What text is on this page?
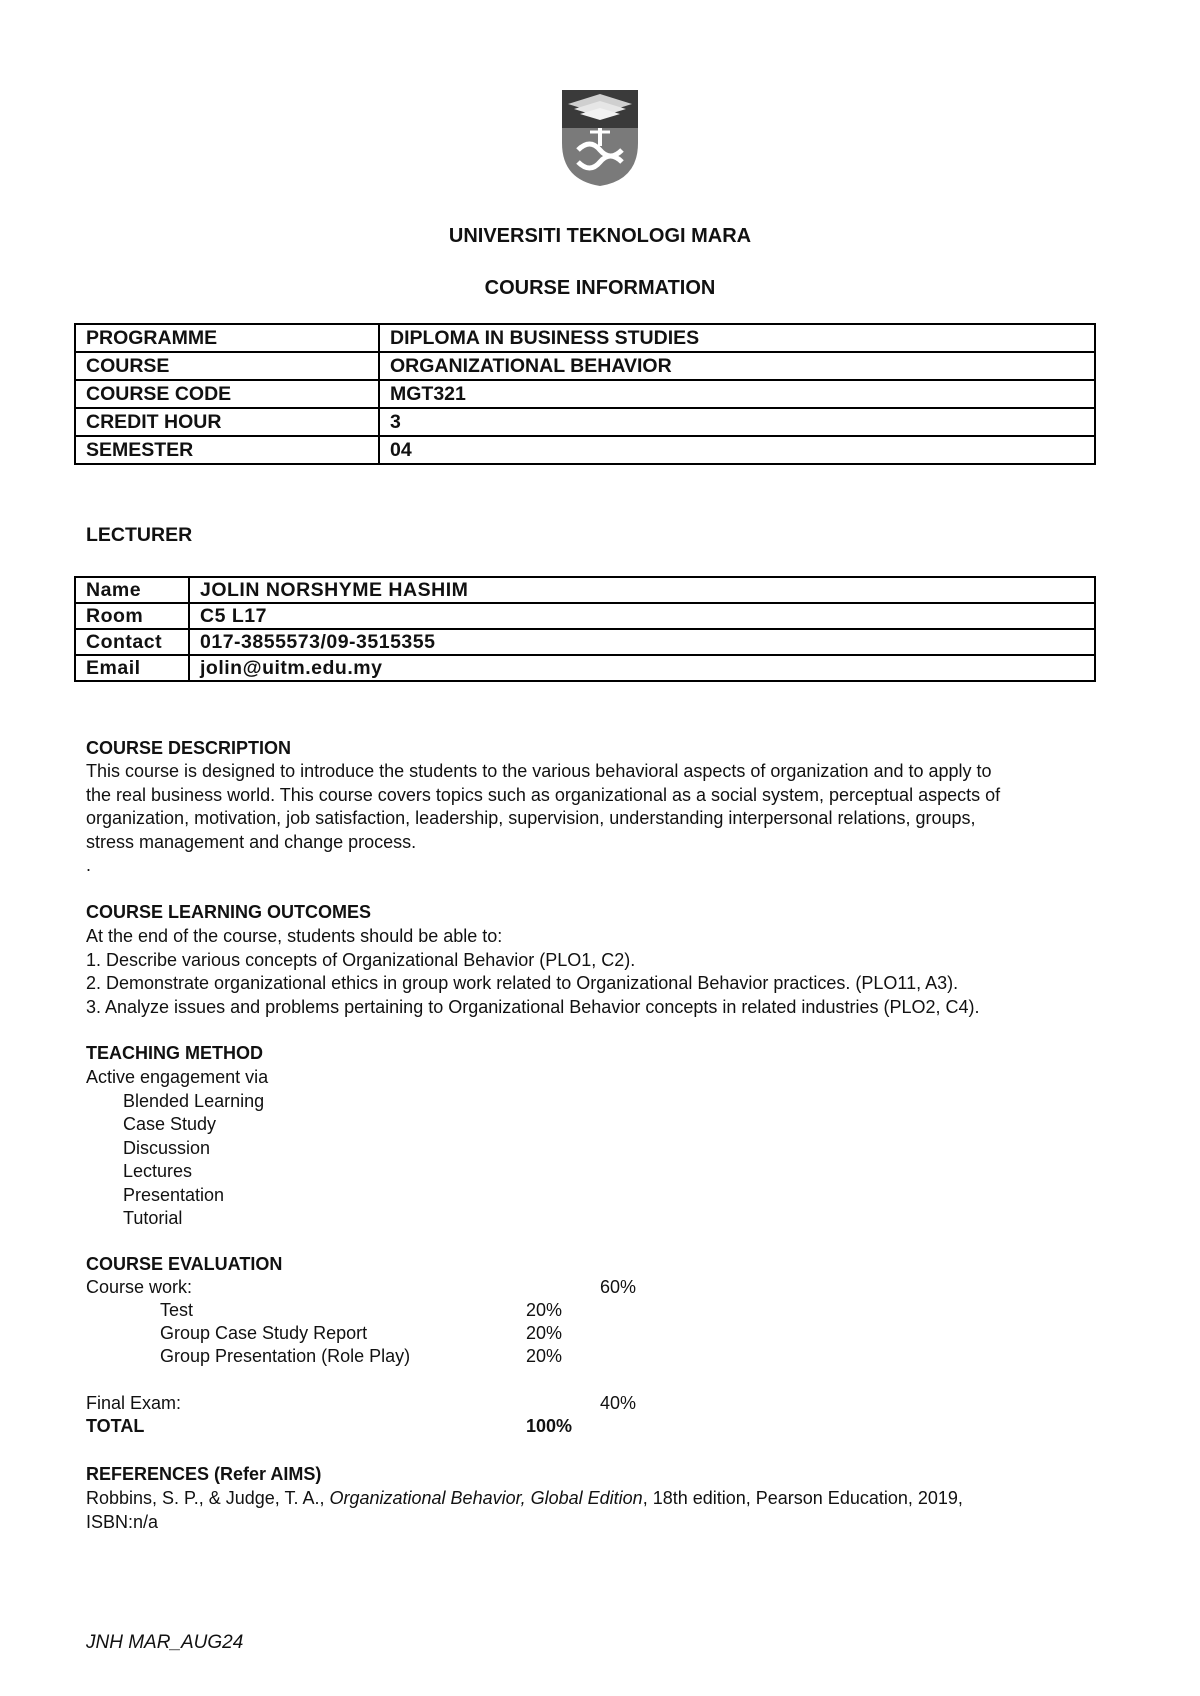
UNIVERSITI TEKNOLOGI MARA
COURSE INFORMATION
PROGRAMME	DIPLOMA IN BUSINESS STUDIES
COURSE	ORGANIZATIONAL BEHAVIOR
COURSE CODE	MGT321
CREDIT HOUR	3
SEMESTER	04
LECTURER
Name	JOLIN NORSHYME HASHIM
Room	C5 L17
Contact	017-3855573/09-3515355
Email	jolin@uitm.edu.my
COURSE DESCRIPTION
This course is designed to introduce the students to the various behavioral aspects of organization and to apply to
the real business world. This course covers topics such as organizational as a social system, perceptual aspects of
organization, motivation, job satisfaction, leadership, supervision, understanding interpersonal relations, groups,
stress management and change process.
.
COURSE LEARNING OUTCOMES
At the end of the course, students should be able to:
1. Describe various concepts of Organizational Behavior (PLO1, C2).
2. Demonstrate organizational ethics in group work related to Organizational Behavior practices. (PLO11, A3).
3. Analyze issues and problems pertaining to Organizational Behavior concepts in related industries (PLO2, C4).
TEACHING METHOD
Active engagement via
Blended Learning
Case Study
Discussion
Lectures
Presentation
Tutorial
COURSE EVALUATION
Course work:	60%
Test	20%
Group Case Study Report	20%
Group Presentation (Role Play)	20%
Final Exam:	40%
TOTAL	100%
REFERENCES (Refer AIMS)
Robbins, S. P., & Judge, T. A., Organizational Behavior, Global Edition, 18th edition, Pearson Education, 2019,
ISBN:n/a
JNH MAR_AUG24
